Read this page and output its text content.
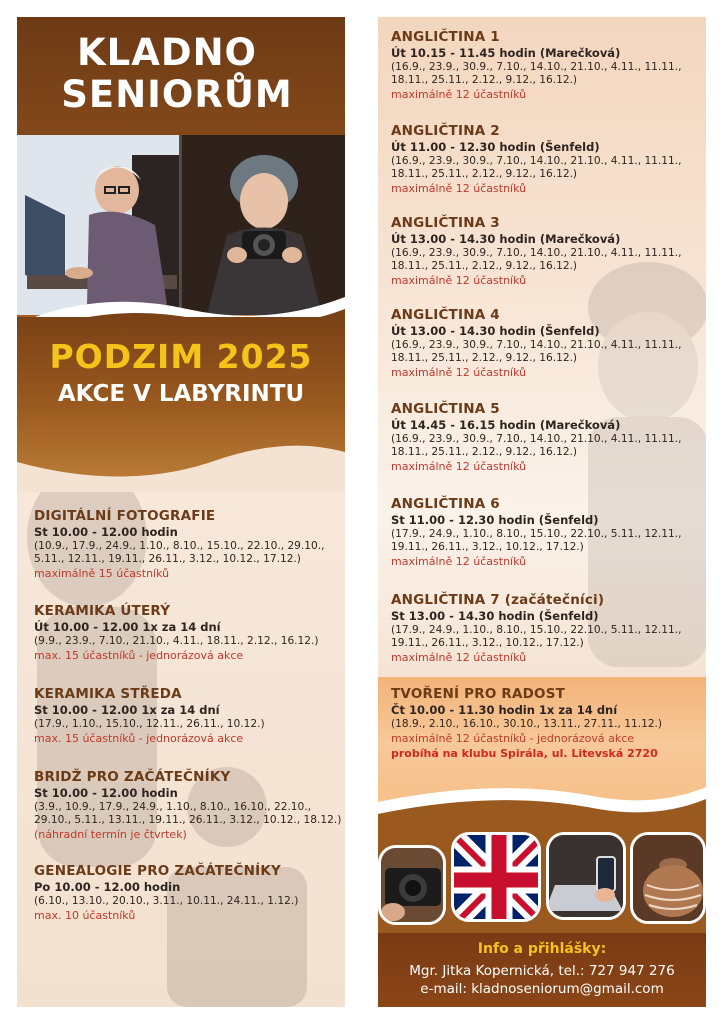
KLADNO
SENIORŮM
PODZIM 2025
AKCE V LABYRINTU
DIGITÁLNÍ FOTOGRAFIE
St 10.00 - 12.00 hodin
(10.9., 17.9., 24.9., 1.10., 8.10., 15.10., 22.10., 29.10., 5.11., 12.11., 19.11., 26.11., 3.12., 10.12., 17.12.)
maximálně 15 účastníků
KERAMIKA ÚTERÝ
Út 10.00 - 12.00 1x za 14 dní
(9.9., 23.9., 7.10., 21.10., 4.11., 18.11., 2.12., 16.12.)
max. 15 účastníků - jednorázová akce
KERAMIKA STŘEDA
St 10.00 - 12.00 1x za 14 dní
(17.9., 1.10., 15.10., 12.11., 26.11., 10.12.)
max. 15 účastníků - jednorázová akce
BRIDŽ PRO ZAČÁTEČNÍKY
St 10.00 - 12.00 hodin
(3.9., 10.9., 17.9., 24.9., 1.10., 8.10., 16.10., 22.10., 29.10., 5.11., 13.11., 19.11., 26.11., 3.12., 10.12., 18.12.)
(náhradní termín je čtvrtek)
GENEALOGIE PRO ZAČÁTEČNÍKY
Po 10.00 - 12.00 hodin
(6.10., 13.10., 20.10., 3.11., 10.11., 24.11., 1.12.)
max. 10 účastníků
ANGLIČTINA 1
Út 10.15 - 11.45 hodin (Marečková)
(16.9., 23.9., 30.9., 7.10., 14.10., 21.10., 4.11., 11.11., 18.11., 25.11., 2.12., 9.12., 16.12.)
maximálně 12 účastníků
ANGLIČTINA 2
Út 11.00 - 12.30 hodin (Šenfeld)
(16.9., 23.9., 30.9., 7.10., 14.10., 21.10., 4.11., 11.11., 18.11., 25.11., 2.12., 9.12., 16.12.)
maximálně 12 účastníků
ANGLIČTINA 3
Út 13.00 - 14.30 hodin (Marečková)
(16.9., 23.9., 30.9., 7.10., 14.10., 21.10., 4.11., 11.11., 18.11., 25.11., 2.12., 9.12., 16.12.)
maximálně 12 účastníků
ANGLIČTINA 4
Út 13.00 - 14.30 hodin (Šenfeld)
(16.9., 23.9., 30.9., 7.10., 14.10., 21.10., 4.11., 11.11., 18.11., 25.11., 2.12., 9.12., 16.12.)
maximálně 12 účastníků
ANGLIČTINA 5
Út 14.45 - 16.15 hodin (Marečková)
(16.9., 23.9., 30.9., 7.10., 14.10., 21.10., 4.11., 11.11., 18.11., 25.11., 2.12., 9.12., 16.12.)
maximálně 12 účastníků
ANGLIČTINA 6
St 11.00 - 12.30 hodin (Šenfeld)
(17.9., 24.9., 1.10., 8.10., 15.10., 22.10., 5.11., 12.11., 19.11., 26.11., 3.12., 10.12., 17.12.)
maximálně 12 účastníků
ANGLIČTINA 7 (začátečníci)
St 13.00 - 14.30 hodin (Šenfeld)
(17.9., 24.9., 1.10., 8.10., 15.10., 22.10., 5.11., 12.11., 19.11., 26.11., 3.12., 10.12., 17.12.)
maximálně 12 účastníků
TVOŘENÍ PRO RADOST
Čt 10.00 - 11.30 hodin 1x za 14 dní
(18.9., 2.10., 16.10., 30.10., 13.11., 27.11., 11.12.)
maximálně 12 účastníků - jednorázová akce
probíhá na klubu Spirála, ul. Litevská 2720
Info a přihlášky:
Mgr. Jitka Kopernická, tel.: 727 947 276
e-mail: kladnoseniorum@gmail.com
